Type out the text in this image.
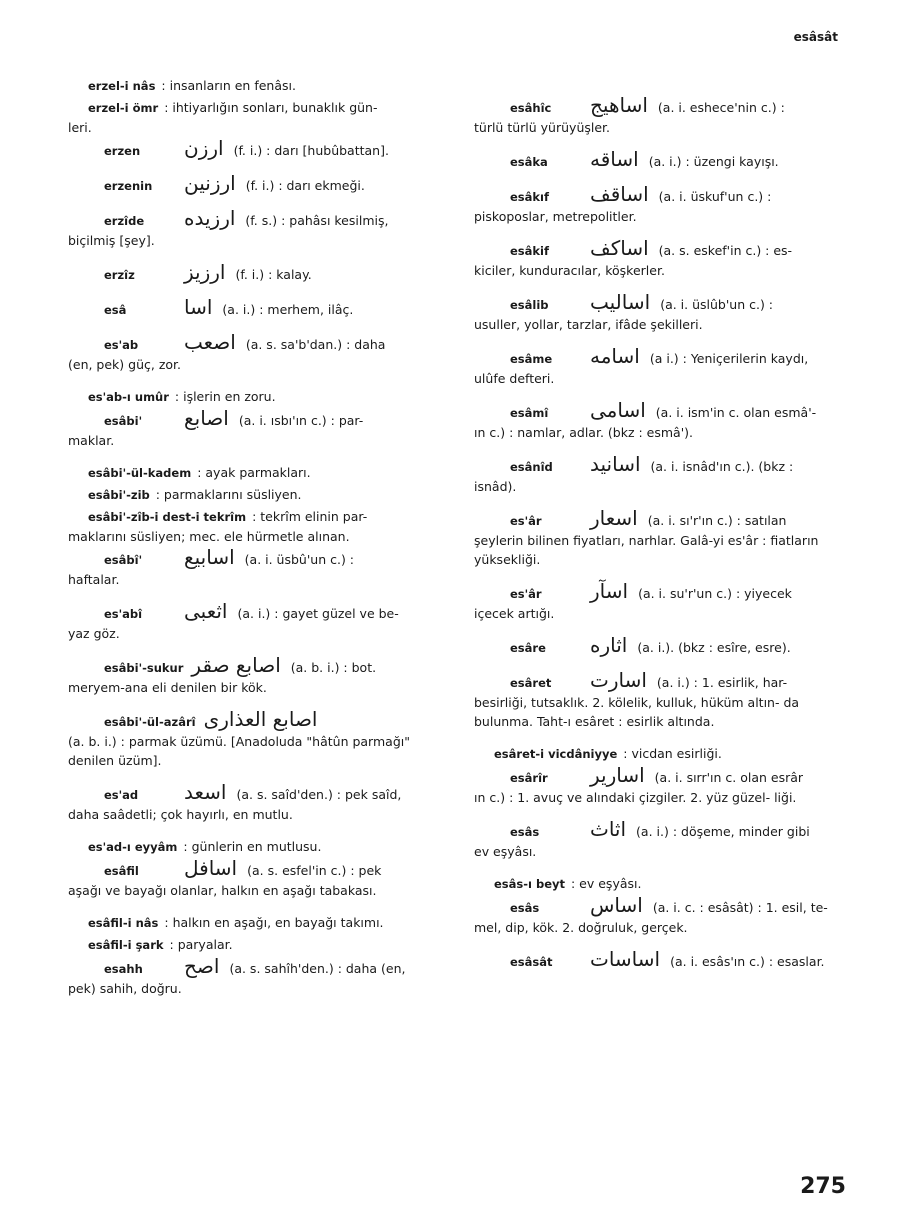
esâsât
erzel-i nâs : insanların en fenâsı.
erzel-i ömr : ihtiyarlığın sonları, bunaklık gün-
leri.
erzen	ارزن (f. i.) : darı [hubûbattan].
erzenin	ارزنين (f. i.) : darı ekmeği.
erzîde	ارزيده (f. s.) : pahâsı kesilmiş,
biçilmiş [şey].
erzîz	ارزيز (f. i.) : kalay.
esâ	اسا (a. i.) : merhem, ilâç.
es'ab	اصعب (a. s. sa'b'dan.) : daha
(en, pek) güç, zor.
es'ab-ı umûr : işlerin en zoru.
esâbi'	اصابع (a. i. ısbı'ın c.) : par-
maklar.
esâbi'-ül-kadem : ayak parmakları.
esâbi'-zib : parmaklarını süsliyen.
esâbi'-zîb-i dest-i tekrîm : tekrîm elinin par-
maklarını süsliyen; mec. ele hürmetle alınan.
esâbî'	اسابيع (a. i. üsbû'un c.) :
haftalar.
es'abî	اثعبى (a. i.) : gayet güzel ve be-
yaz göz.
esâbi'-sukur اصابع صقر (a. b. i.) : bot.
meryem-ana eli denilen bir kök.
esâbi'-ül-azârî اصابع العذارى
(a. b. i.) : parmak üzümü. [Anadoluda "hâtûn parmağı" denilen üzüm].
es'ad	اسعد (a. s. saîd'den.) : pek saîd,
daha saâdetli; çok hayırlı, en mutlu.
es'ad-ı eyyâm : günlerin en mutlusu.
esâfil	اسافل (a. s. esfel'in c.) : pek
aşağı ve bayağı olanlar, halkın en aşağı tabakası.
esâfil-i nâs : halkın en aşağı, en bayağı takımı.
esâfil-i şark : paryalar.
esahh	اصح (a. s. sahîh'den.) : daha (en,
pek) sahih, doğru.
esâhîc	اساهيج (a. i. eshece'nin c.) :
türlü türlü yürüyüşler.
esâka	اساقه (a. i.) : üzengi kayışı.
esâkıf	اساقف (a. i. üskuf'un c.) :
piskoposlar, metrepolitler.
esâkif	اساكف (a. s. eskef'in c.) : es-
kiciler, kunduracılar, köşkerler.
esâlib	اساليب (a. i. üslûb'un c.) :
usuller, yollar, tarzlar, ifâde şekilleri.
esâme	اسامه (a i.) : Yeniçerilerin kaydı,
ulûfe defteri.
esâmî	اسامى (a. i. ism'in c. olan esmâ'-
ın c.) : namlar, adlar. (bkz : esmâ').
esânîd	اسانيد (a. i. isnâd'ın c.). (bkz :
isnâd).
es'âr	اسعار (a. i. sı'r'ın c.) : satılan
şeylerin bilinen fiyatları, narhlar. Galâ-yi es'âr : fiatların yüksekliği.
es'âr	اسآر (a. i. su'r'un c.) : yiyecek
içecek artığı.
esâre	اثاره (a. i.). (bkz : esîre, esre).
esâret	اسارت (a. i.) : 1. esirlik, har-
besirliği, tutsaklık. 2. kölelik, kulluk, hüküm altın- da bulunma. Taht-ı esâret : esirlik altında.
esâret-i vicdâniyye : vicdan esirliği.
esârîr	اسارير (a. i. sırr'ın c. olan esrâr
ın c.) : 1. avuç ve alındaki çizgiler. 2. yüz güzel- liği.
esâs	اثاث (a. i.) : döşeme, minder gibi
ev eşyâsı.
esâs-ı beyt : ev eşyâsı.
esâs	اساس (a. i. c. : esâsât) : 1. esil, te-
mel, dip, kök. 2. doğruluk, gerçek.
esâsât	اساسات (a. i. esâs'ın c.) : esaslar.
275
